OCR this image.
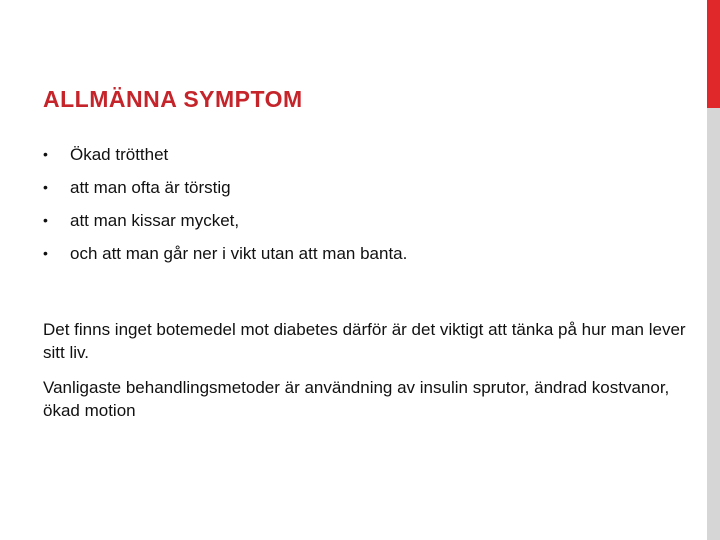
ALLMÄNNA SYMPTOM
•	Ökad trötthet
•	att man ofta är törstig
•	att man kissar mycket,
•	och att man går ner i vikt utan att man banta.

Det finns inget botemedel mot diabetes därför är det viktigt att tänka på hur man lever sitt liv.

Vanligaste behandlingsmetoder är användning av insulin sprutor, ändrad kostvanor, ökad motion
